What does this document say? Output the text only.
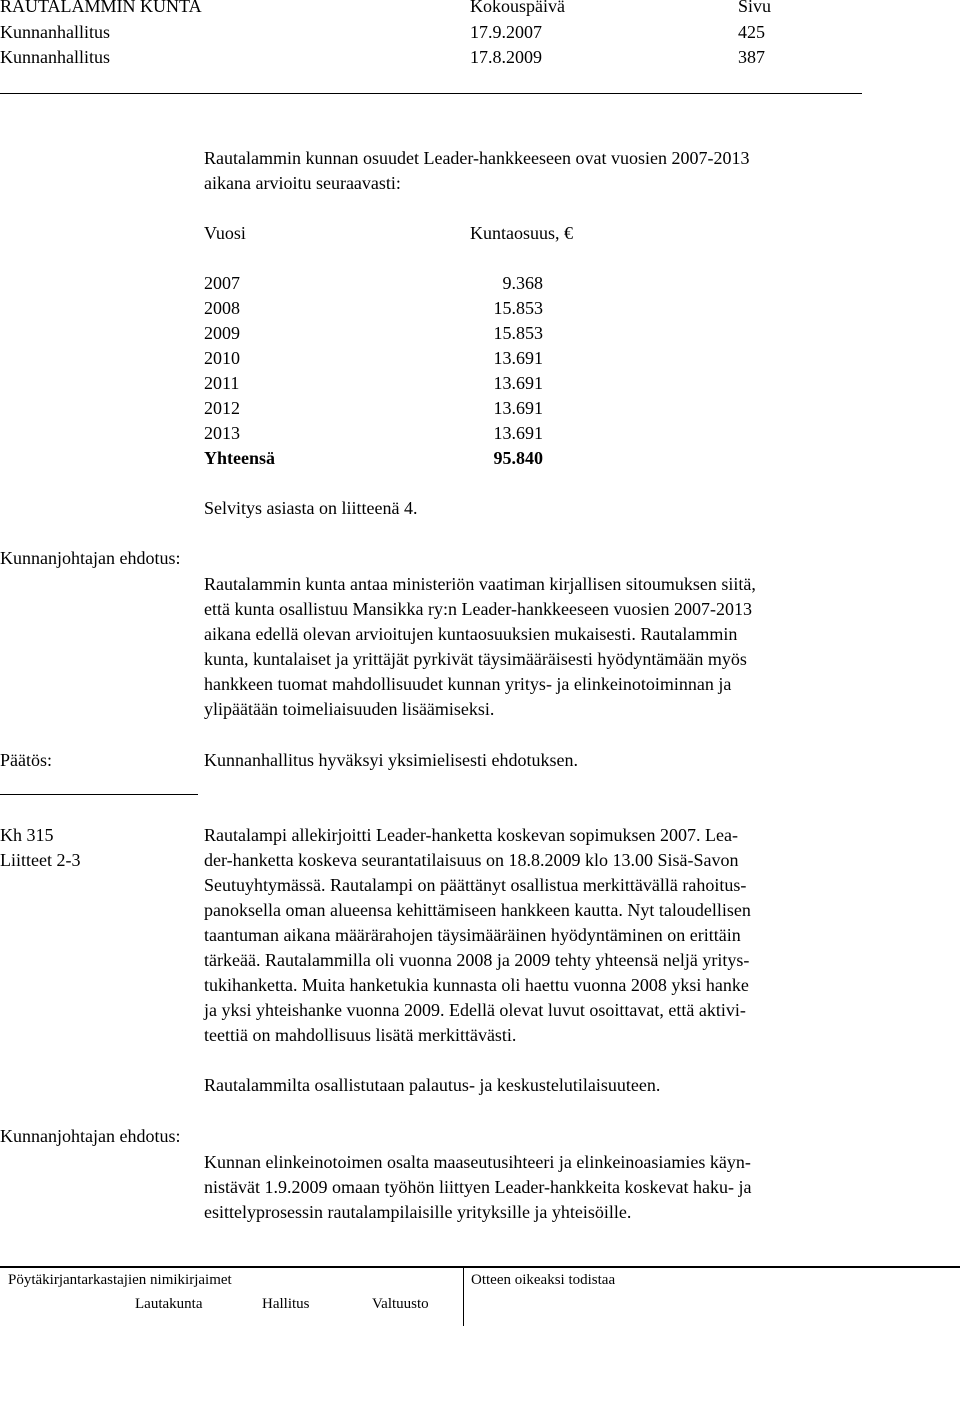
RAUTALAMMIN KUNTA	Kokouspäivä	Sivu
Kunnanhallitus	17.9.2007	425
Kunnanhallitus	17.8.2009	387
Rautalammin kunnan osuudet Leader-hankkeeseen ovat vuosien 2007-2013
aikana arvioitu seuraavasti:
Vuosi	Kuntaosuus, €
2007	9.368
2008	15.853
2009	15.853
2010	13.691
2011	13.691
2012	13.691
2013	13.691
Yhteensä	95.840
Selvitys asiasta on liitteenä 4.
Kunnanjohtajan ehdotus:
Rautalammin kunta antaa ministeriön vaatiman kirjallisen sitoumuksen siitä,
että kunta osallistuu Mansikka ry:n Leader-hankkeeseen vuosien 2007-2013
aikana edellä olevan arvioitujen kuntaosuuksien mukaisesti. Rautalammin
kunta, kuntalaiset ja yrittäjät pyrkivät täysimääräisesti hyödyntämään myös
hankkeen tuomat mahdollisuudet kunnan yritys- ja elinkeinotoiminnan ja
ylipäätään toimeliaisuuden lisäämiseksi.
Päätös:	Kunnanhallitus hyväksyi yksimielisesti ehdotuksen.
Kh 315
Liitteet 2-3
Rautalampi allekirjoitti Leader-hanketta koskevan sopimuksen 2007. Lea-
der-hanketta koskeva seurantatilaisuus on 18.8.2009 klo 13.00 Sisä-Savon
Seutuyhtymässä. Rautalampi on päättänyt osallistua merkittävällä rahoitus-
panoksella oman alueensa kehittämiseen hankkeen kautta. Nyt taloudellisen
taantuman aikana määrärahojen täysimääräinen hyödyntäminen on erittäin
tärkeää. Rautalammilla oli vuonna 2008 ja 2009 tehty yhteensä neljä yritys-
tukihanketta. Muita hanketukia kunnasta oli haettu vuonna 2008 yksi hanke
ja yksi yhteishanke vuonna 2009. Edellä olevat luvut osoittavat, että aktivi-
teettiä on mahdollisuus lisätä merkittävästi.
Rautalammilta osallistutaan palautus- ja keskustelutilaisuuteen.
Kunnanjohtajan ehdotus:
Kunnan elinkeinotoimen osalta maaseutusihteeri ja elinkeinoasiamies käyn-
nistävät 1.9.2009 omaan työhön liittyen Leader-hankkeita koskevat haku- ja
esittelyprosessin rautalampilaisille yrityksille ja yhteisöille.
Pöytäkirjantarkastajien nimikirjaimet
Lautakunta	Hallitus	Valtuusto
Otteen oikeaksi todistaa
